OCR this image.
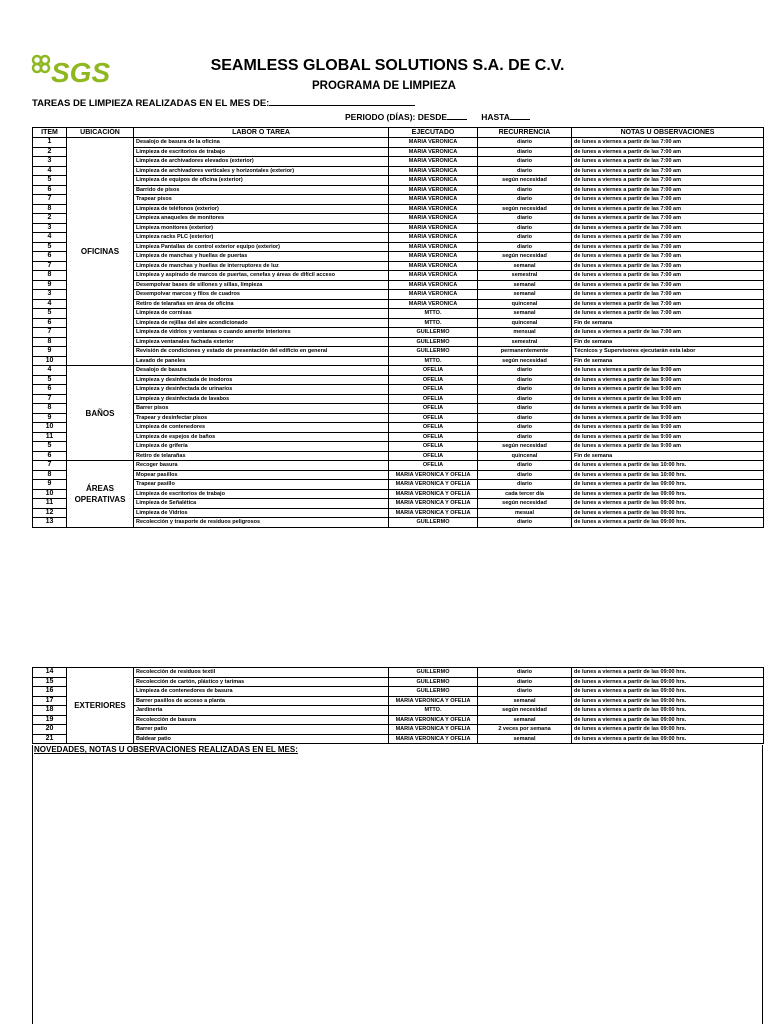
SGS	SEAMLESS GLOBAL SOLUTIONS S.A. DE C.V.
PROGRAMA DE LIMPIEZA
TAREAS DE LIMPIEZA REALIZADAS EN EL MES DE:
PERIODO (DÍAS): DESDE	HASTA
ITEM	UBICACIÓN	LABOR O TAREA	EJECUTADO	RECURRENCIA	NOTAS U OBSERVACIONES
1	OFICINAS	Desalojo de basura de la oficina	MARIA VERONICA	diario	de lunes a viernes a partir de las 7:00 am
2		Limpieza de escritorios de trabajo	MARIA VERONICA	diario	de lunes a viernes a partir de las 7:00 am
3		Limpieza de archivadores elevados (exterior)	MARIA VERONICA	diario	de lunes a viernes a partir de las 7:00 am
4		Limpieza de archivadores verticales y horizontales (exterior)	MARIA VERONICA	diario	de lunes a viernes a partir de las 7:00 am
5		Limpieza de equipos de oficina (exterior)	MARIA VERONICA	según necesidad	de lunes a viernes a partir de las 7:00 am
6		Barrido de pisos	MARIA VERONICA	diario	de lunes a viernes a partir de las 7:00 am
7		Trapear pisos	MARIA VERONICA	diario	de lunes a viernes a partir de las 7:00 am
8		Limpieza de teléfonos (exterior)	MARIA VERONICA	según necesidad	de lunes a viernes a partir de las 7:00 am
2		Limpieza anaqueles de monitores	MARIA VERONICA	diario	de lunes a viernes a partir de las 7:00 am
3		Limpieza monitores (exterior)	MARIA VERONICA	diario	de lunes a viernes a partir de las 7:00 am
4		Limpieza racks PLC (exterior)	MARIA VERONICA	diario	de lunes a viernes a partir de las 7:00 am
5		Limpieza Pantallas de control exterior equipo (exterior)	MARIA VERONICA	diario	de lunes a viernes a partir de las 7:00 am
6		Limpieza de manchas y huellas de puertas	MARIA VERONICA	según necesidad	de lunes a viernes a partir de las 7:00 am
7		Limpieza de manchas y huellas de interruptores de luz	MARIA VERONICA	semanal	de lunes a viernes a partir de las 7:00 am
8		Limpieza y aspirado de marcos de puertas, cenefas y áreas de difícil acceso	MARIA VERONICA	semestral	de lunes a viernes a partir de las 7:00 am
9		Desempolvar bases de sillones y sillas, limpieza	MARIA VERONICA	semanal	de lunes a viernes a partir de las 7:00 am
3		Desempolvar marcos y filos de cuadros	MARIA VERONICA	semanal	de lunes a viernes a partir de las 7:00 am
4		Retiro de telarañas en área de oficina	MARIA VERONICA	quincenal	de lunes a viernes a partir de las 7:00 am
5		Limpieza de cornisas	MTTO.	semanal	de lunes a viernes a partir de las 7:00 am
6		Limpieza de rejillas del aire acondicionado	MTTO.	quincenal	Fin de semana
7		Limpieza de vidrios y ventanas o cuando amerite interiores	GUILLERMO	mensual	de lunes a viernes a partir de las 7:00 am
8		Limpieza ventanales fachada exterior	GUILLERMO	semestral	Fin de semana
9		Revisión de condiciones y estado de presentación del edificio en general	GUILLERMO	permanentemente	Técnicos y Supervisores ejecutarán esta labor
10		Lavado de paneles	MTTO.	según necesidad	Fin de semana
4	BAÑOS	Desalojo de basura	OFELIA	diario	de lunes a viernes a partir de las 9:00 am
5		Limpieza y desinfectada de inodoros	OFELIA	diario	de lunes a viernes a partir de las 9:00 am
6		Limpieza y desinfectada de urinarios	OFELIA	diario	de lunes a viernes a partir de las 9:00 am
7		Limpieza y desinfectada de lavabos	OFELIA	diario	de lunes a viernes a partir de las 9:00 am
8		Barrer pisos	OFELIA	diario	de lunes a viernes a partir de las 9:00 am
9		Trapear y desinfectar pisos	OFELIA	diario	de lunes a viernes a partir de las 9:00 am
10		Limpieza de contenedores	OFELIA	diario	de lunes a viernes a partir de las 9:00 am
11		Limpieza de espejos de baños	OFELIA	diario	de lunes a viernes a partir de las 9:00 am
5		Limpieza de grifería	OFELIA	según necesidad	de lunes a viernes a partir de las 9:00 am
6		Retiro de telarañas	OFELIA	quincenal	Fin de semana
7	ÁREAS OPERATIVAS	Recoger basura	OFELIA	diario	de lunes a viernes a partir de las 10:00 hrs.
8		Mopear pasillos	MARIA VERONICA Y OFELIA	diario	de lunes a viernes a partir de las 10:00 hrs.
9		Trapear pasillo	MARIA VERONICA Y OFELIA	diario	de lunes a viernes a partir de las 09:00 hrs.
10		Limpieza de escritorios de trabajo	MARIA VERONICA Y OFELIA	cada tercer día	de lunes a viernes a partir de las 09:00 hrs.
11		Limpieza de Señalética	MARIA VERONICA Y OFELIA	según necesidad	de lunes a viernes a partir de las 09:00 hrs.
12		Limpieza de Vidrios	MARIA VERONICA Y OFELIA	mesual	de lunes a viernes a partir de las 09:00 hrs.
13		Recolección y trasporte de residuos peligrosos	GUILLERMO	diario	de lunes a viernes a partir de las 09:00 hrs.
14	EXTERIORES	Recolección de residuos textil	GUILLERMO	diario	de lunes a viernes a partir de las 09:00 hrs.
15		Recolección de cartón, plástico y tarimas	GUILLERMO	diario	de lunes a viernes a partir de las 09:00 hrs.
16		Limpieza de contenedores de basura	GUILLERMO	diario	de lunes a viernes a partir de las 09:00 hrs.
17		Barrer pasillos de acceso a planta	MARIA VERONICA Y OFELIA	semanal	de lunes a viernes a partir de las 09:00 hrs.
18		Jardinería	MTTO.	según necesidad	de lunes a viernes a partir de las 09:00 hrs.
19		Recolección de basura	MARIA VERONICA Y OFELIA	semanal	de lunes a viernes a partir de las 09:00 hrs.
20		Barrer patio	MARIA VERONICA Y OFELIA	2 veces por semana	de lunes a viernes a partir de las 09:00 hrs.
21		Baldear patio	MARIA VERONICA Y OFELIA	semanal	de lunes a viernes a partir de las 09:00 hrs.
NOVEDADES, NOTAS U OBSERVACIONES REALIZADAS EN EL MES:
